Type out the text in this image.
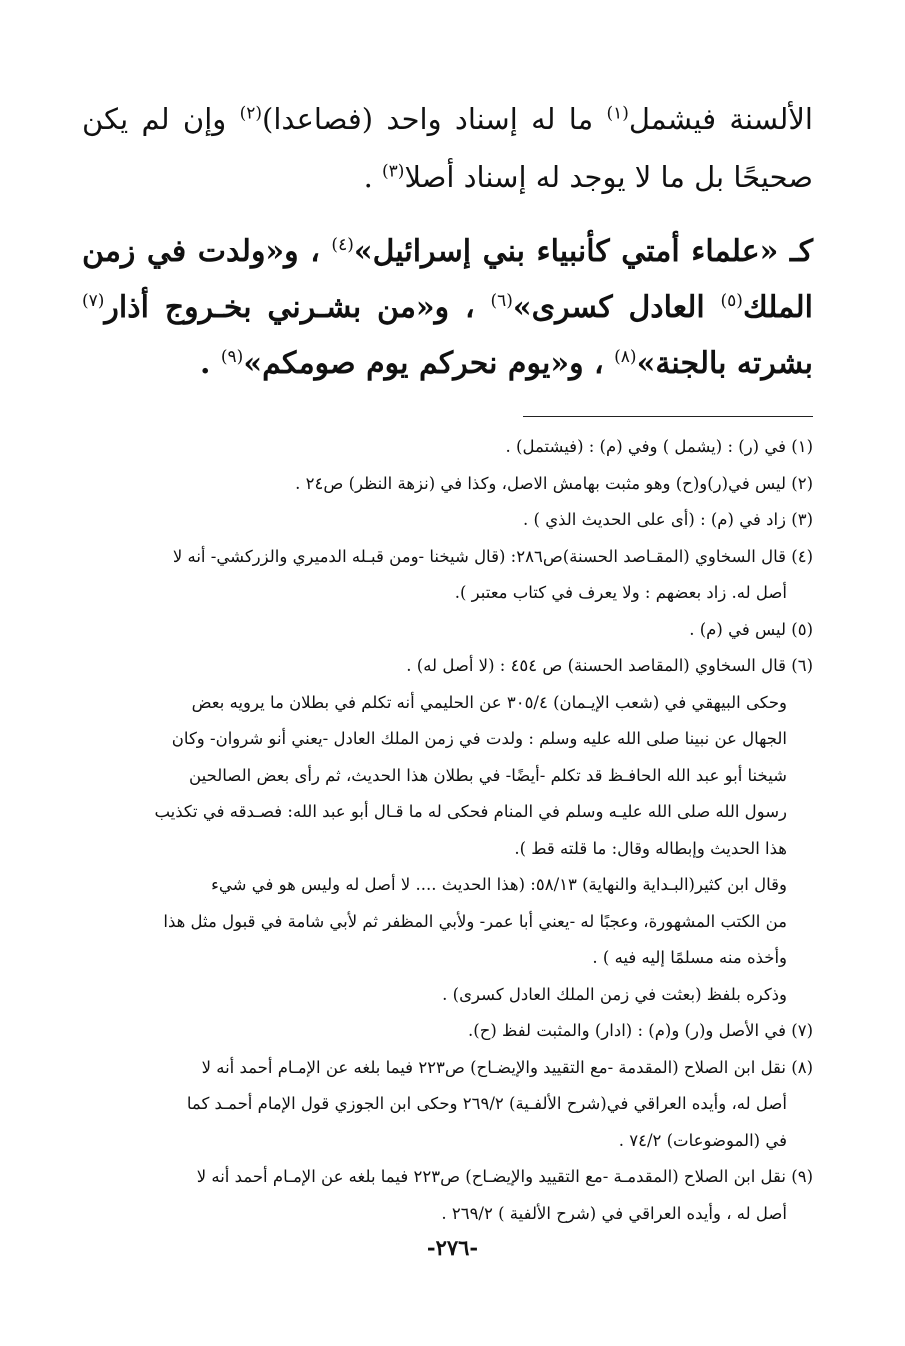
الألسنة فيشمل$^{(١)}$ ما له إسناد واحد (فصاعدا)$^{(٢)}$ وإن لم يكن صحيحًا بل ما لا يوجد له إسناد أصلا$^{(٣)}$ .

كـ «علماء أمتي كأنبياء بني إسرائيل»$^{(٤)}$ ، و«ولدت في زمن الملك$^{(٥)}$ العادل كسرى»$^{(٦)}$ ، و«من بشـرني بخـروج أذار$^{(٧)}$ بشرته بالجنة»$^{(٨)}$ ، و«يوم نحركم يوم صومكم»$^{(٩)}$ .

(١) في (ر) : (يشمل ) وفي (م) : (فيشتمل) .

(٢) ليس في(ر)و(ح) وهو مثبت بهامش الاصل، وكذا في (نزهة النظر) ص٢٤ .

(٣) زاد في (م) : (أى على الحديث الذي ) .

(٤) قال السخاوي (المقـاصد الحسنة)ص٢٨٦: (قال شيخنا -ومن قبـله الدميري والزركشي- أنه لا

أصل له. زاد بعضهم : ولا يعرف في كتاب معتبر ).

(٥) ليس في (م) .

(٦) قال السخاوي (المقاصد الحسنة) ص ٤٥٤ : (لا أصل له) .

وحكى البيهقي في (شعب الإيـمان) ٣٠٥/٤ عن الحليمي أنه تكلم في بطلان ما يرويه بعض

الجهال عن نبينا صلى الله عليه وسلم : ولدت في زمن الملك العادل -يعني أنو شروان- وكان

شيخنا أبو عبد الله الحافـظ قد تكلم -أيضًا- في بطلان هذا الحديث، ثم رأى بعض الصالحين

رسول الله صلى الله عليـه وسلم في المنام فحكى له ما قـال أبو عبد الله: فصـدقه في تكذيب

هذا الحديث وإبطاله وقال: ما قلته قط ).

وقال ابن كثير(البـداية والنهاية) ٥٨/١٣: (هذا الحديث .... لا أصل له وليس هو في شيء

من الكتب المشهورة، وعجبًا له -يعني أبا عمر- ولأبي المظفر ثم لأبي شامة في قبول مثل هذا

وأخذه منه مسلمًا إليه فيه ) .

وذكره بلفظ (بعثت في زمن الملك العادل كسرى) .

(٧) في الأصل و(ر) و(م) : (ادار) والمثبت لفظ (ح).

(٨) نقل ابن الصلاح (المقدمة -مع التقييد والإيضـاح) ص٢٢٣ فيما بلغه عن الإمـام أحمد أنه لا

أصل له، وأيده العراقي في(شرح الألفـية) ٢٦٩/٢ وحكى ابن الجوزي قول الإمام أحمـد كما

في (الموضوعات) ٧٤/٢ .

(٩) نقل ابن الصلاح (المقدمـة -مع التقييد والإيضـاح) ص٢٢٣ فيما بلغه عن الإمـام أحمد أنه لا

أصل له ، وأيده العراقي في (شرح الألفية ) ٢٦٩/٢ .

-٢٧٦-
